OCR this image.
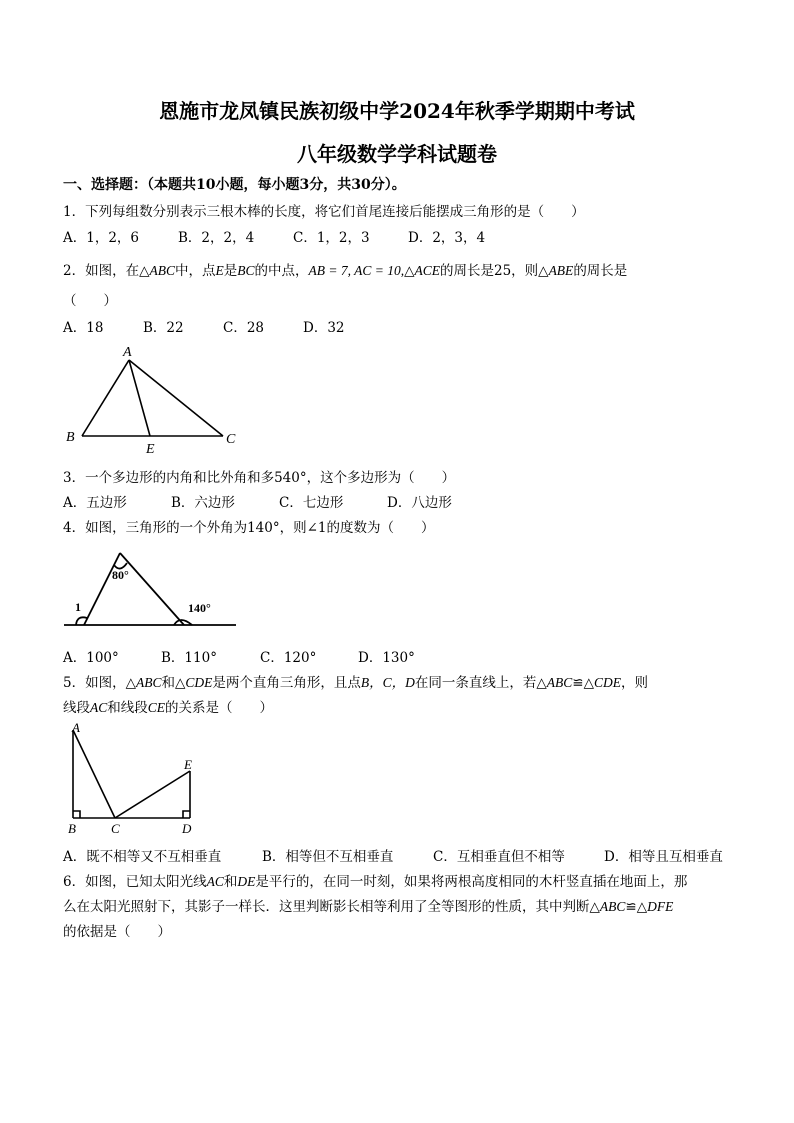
恩施市龙凤镇民族初级中学2024年秋季学期期中考试
八年级数学学科试题卷
一、选择题：（本题共10小题，每小题3分，共30分）。
1．下列每组数分别表示三根木棒的长度，将它们首尾连接后能摆成三角形的是（　　）
A．1，2，6	B．2，2，4	C．1，2，3	D．2，3，4
2．如图，在△ABC中，点E是BC的中点，AB = 7, AC = 10,△ACE的周长是25，则△ABE的周长是
（　　）
A．18	B．22	C．28	D．32
A
B	C
E
3．一个多边形的内角和比外角和多540°，这个多边形为（　　）
A．五边形	B．六边形	C．七边形	D．八边形
4．如图，三角形的一个外角为140°，则∠1的度数为（　　）
80°
1	140°
A．100°	B．110°	C．120°	D．130°
5．如图，△ABC和△CDE是两个直角三角形，且点B，C，D在同一条直线上，若△ABC≌△CDE，则
线段AC和线段CE的关系是（　　）
A
B	C	D
E
A．既不相等又不互相垂直	B．相等但不互相垂直	C．互相垂直但不相等	D．相等且互相垂直
6．如图，已知太阳光线AC和DE是平行的，在同一时刻，如果将两根高度相同的木杆竖直插在地面上，那
么在太阳光照射下，其影子一样长．这里判断影长相等利用了全等图形的性质，其中判断△ABC≌△DFE
的依据是（　　）
